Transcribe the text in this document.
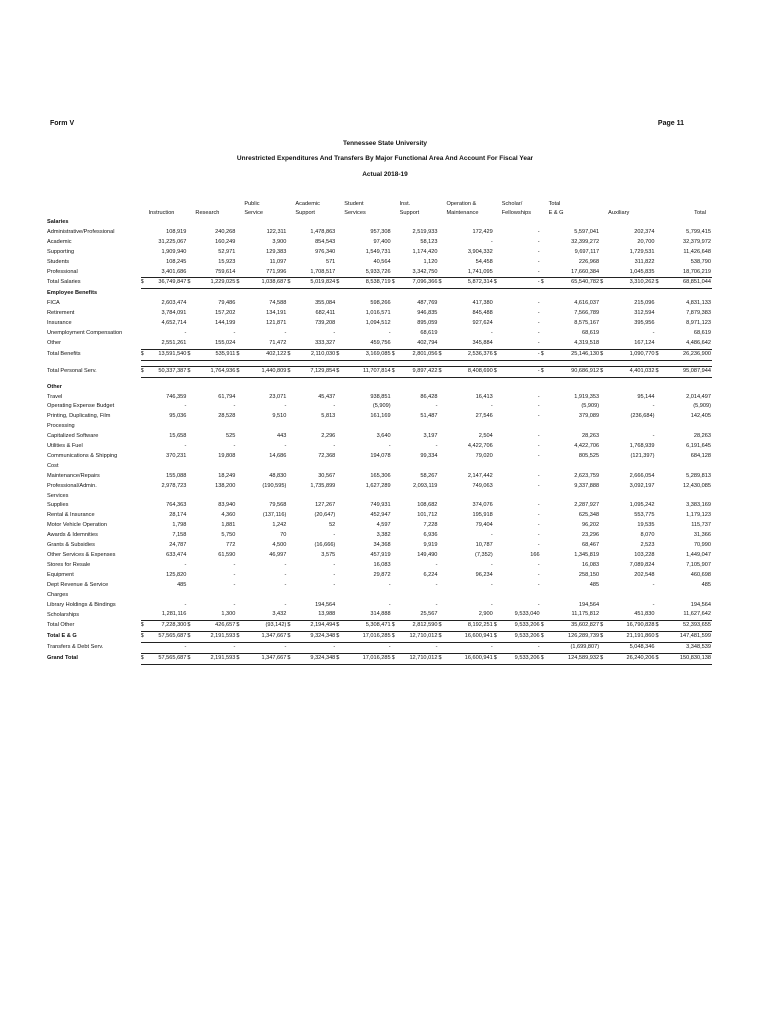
Form V	Page 11
Tennessee State University
Unrestricted Expenditures And Transfers By Major Functional Area And Account For Fiscal Year
Actual 2018-19
					Public		Academic		Student		Inst.		Operation &		Scholar/		Total					
	Instruction		Research		Service		Support		Services		Support		Maintenance		Fellowships		E & G		Auxiliary		Total	
Salaries																						
Administrative/Professional		108,919		240,268		122,311		1,478,863		957,308		2,519,933		172,429		-		5,597,041		202,374		5,799,415
Academic		31,225,067		160,249		3,900		854,543		97,400		58,123		-		-		32,399,272		20,700		32,379,972
Supporting		1,909,940		52,971		129,383		976,340		1,549,731		1,174,420		3,904,332		-		9,697,117		1,729,531		11,426,648
Students		108,245		15,923		11,097		571		40,564		1,120		54,458		-		226,968		311,822		538,790
Professional		3,401,686		759,614		771,996		1,708,517		5,933,726		3,342,750		1,741,095		-		17,660,384		1,045,835		18,706,219
Total Salaries	$	36,749,847	$	1,229,025	$	1,038,687	$	5,019,824	$	8,538,719	$	7,096,366	$	5,872,314	$	-	$	65,540,782	$	3,310,262	$	68,851,044
Employee Benefits																						
FICA		2,603,474		79,486		74,588		355,084		598,266		487,769		417,380		-		4,616,037		215,096		4,831,133
Retirement		3,784,091		157,202		134,191		682,411		1,016,571		946,835		845,488		-		7,566,789		312,594		7,879,383
Insurance		4,652,714		144,199		121,871		739,208		1,094,512		895,059		927,624		-		8,575,167		395,956		8,971,123
Unemployment Compensation		-		-		-		-		-		68,619		-		-		68,619		-		68,619
Other		2,551,261		155,024		71,472		333,327		459,756		402,794		345,884		-		4,319,518		167,124		4,486,642
Total Benefits	$	13,591,540	$	535,911	$	402,122	$	2,110,030	$	3,169,085	$	2,801,056	$	2,536,376	$	-	$	25,146,130	$	1,090,770	$	26,236,900

Total Personal Serv.	$	50,337,387	$	1,764,936	$	1,440,809	$	7,129,854	$	11,707,814	$	9,897,422	$	8,408,690	$	-	$	90,686,912	$	4,401,032	$	95,087,944

Other																						
Travel		746,359		61,794		23,071		45,437		938,851		86,428		16,413		-		1,919,353		95,144		2,014,497
Operating Expense Budget		-		-		-		-		(5,909)		-		-		-		(5,909)		-		(5,909)
Printing, Duplicating, Film		95,036		28,528		9,510		5,813		161,169		51,487		27,546		-		379,089		(236,684)		142,405
Processing																						
Capitalized Software		15,658		525		443		2,296		3,640		3,197		2,504		-		28,263		-		28,263
Utilities & Fuel		-		-		-		-		-		-		4,422,706		-		4,422,706		1,768,939		6,191,645
Communications & Shipping		370,231		19,808		14,686		72,368		194,078		99,334		79,020		-		805,525		(121,397)		684,128
Cost																						
Maintenance/Repairs		155,088		18,249		48,830		30,567		165,306		58,267		2,147,442		-		2,623,759		2,666,054		5,289,813
Professional/Admin.		2,978,723		138,200		(190,595)		1,735,899		1,627,289		2,093,119		749,063		-		9,337,888		3,092,197		12,430,085
Services																						
Supplies		764,363		83,940		79,568		127,267		749,931		108,682		374,076		-		2,287,927		1,095,242		3,383,169
Rental & Insurance		28,174		4,360		(137,116)		(20,647)		452,947		101,712		195,918		-		625,348		553,775		1,179,123
Motor Vehicle Operation		1,798		1,881		1,242		52		4,597		7,228		79,404		-		96,202		19,535		115,737
Awards & Idemnities		7,158		5,750		70		-		3,382		6,936		-		-		23,296		8,070		31,366
Grants & Subsidies		24,787		772		4,500		(16,666)		34,368		9,919		10,787		-		68,467		2,523		70,990
Other Services & Expenses		633,474		61,590		46,997		3,575		457,919		149,490		(7,352)		166		1,345,819		103,228		1,449,047
Stores for Resale		-		-		-		-		16,083		-		-		-		16,083		7,089,824		7,105,907
Equipment		125,820		-		-		-		29,872		6,224		96,234		-		258,150		202,548		460,698
Dept Revenue & Service		485		-		-		-		-		-		-		-		485		-		485
Charges																						
Library Holdings & Bindings		-		-		-		194,564		-		-		-		-		194,564		-		194,564
Scholarships		1,281,116		1,300		3,432		13,988		314,888		25,567		2,900		9,533,040		11,175,812		451,830		11,627,642
Total Other	$	7,228,300	$	426,657	$	(93,142)	$	2,194,494	$	5,308,471	$	2,812,590	$	8,192,251	$	9,533,206	$	35,602,827	$	16,790,828	$	52,393,655
Total E & G	$	57,565,687	$	2,191,593	$	1,347,667	$	9,324,348	$	17,016,285	$	12,710,012	$	16,600,941	$	9,533,206	$	126,289,739	$	21,191,860	$	147,481,599
Transfers & Debt Serv.		-		-		-		-		-		-		-		-		(1,699,807)		5,048,346		3,348,539
Grand Total	$	57,565,687	$	2,191,593	$	1,347,667	$	9,324,348	$	17,016,285	$	12,710,012	$	16,600,941	$	9,533,206	$	124,589,932	$	26,240,206	$	150,830,138
